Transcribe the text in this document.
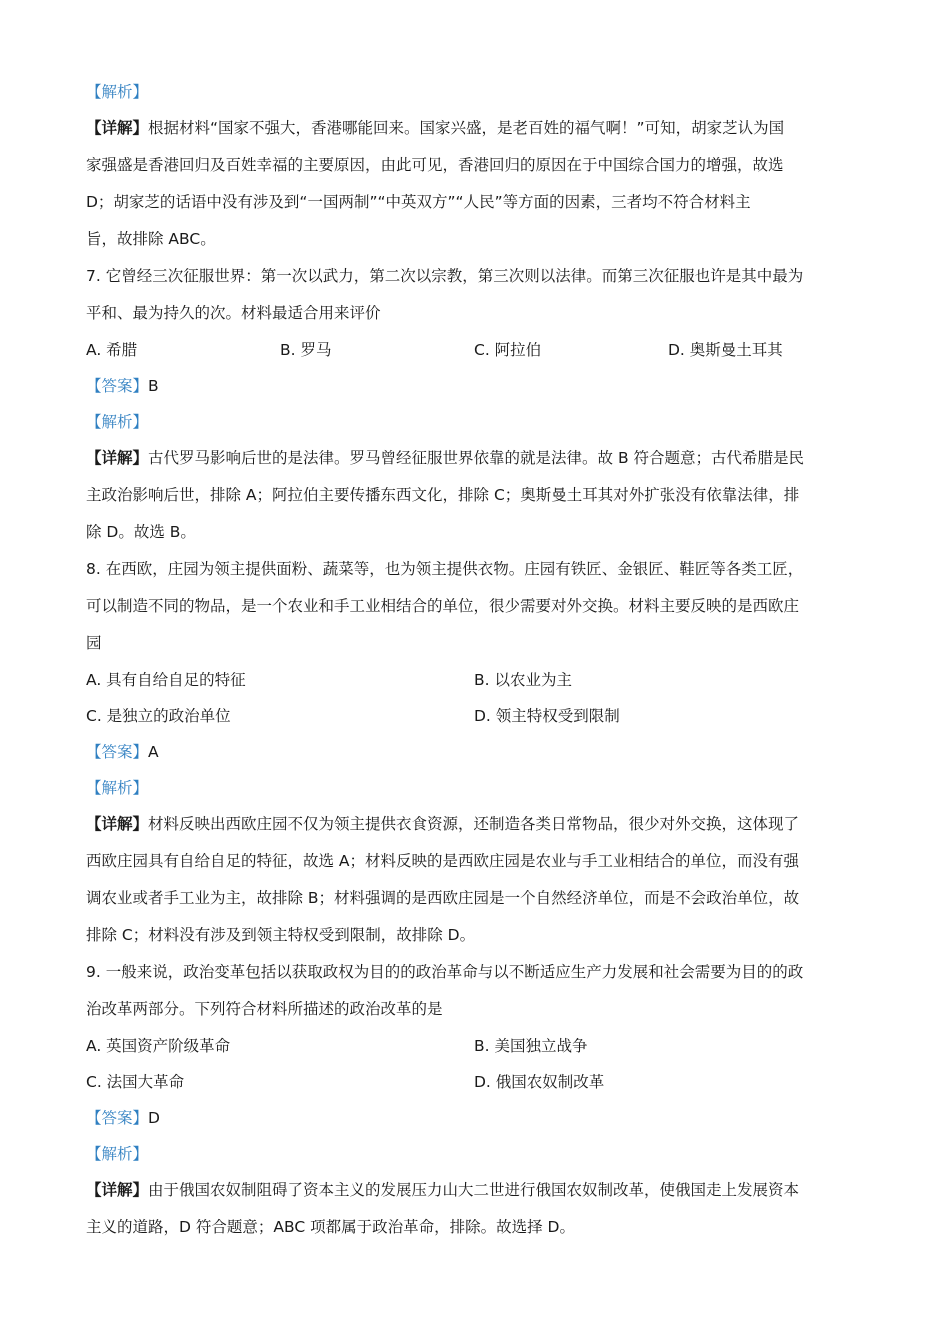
【解析】
【详解】根据材料“国家不强大，香港哪能回来。国家兴盛，是老百姓的福气啊！”可知，胡家芝认为国
家强盛是香港回归及百姓幸福的主要原因，由此可见，香港回归的原因在于中国综合国力的增强，故选
D；胡家芝的话语中没有涉及到“一国两制”“中英双方”“人民”等方面的因素，三者均不符合材料主
旨，故排除 ABC。
7. 它曾经三次征服世界：第一次以武力，第二次以宗教，第三次则以法律。而第三次征服也许是其中最为
平和、最为持久的次。材料最适合用来评价
A. 希腊	B. 罗马	C. 阿拉伯	D. 奥斯曼土耳其
【答案】B
【解析】
【详解】古代罗马影响后世的是法律。罗马曾经征服世界依靠的就是法律。故 B 符合题意；古代希腊是民
主政治影响后世，排除 A；阿拉伯主要传播东西文化，排除 C；奥斯曼土耳其对外扩张没有依靠法律，排
除 D。故选 B。
8. 在西欧，庄园为领主提供面粉、蔬菜等，也为领主提供衣物。庄园有铁匠、金银匠、鞋匠等各类工匠，
可以制造不同的物品，是一个农业和手工业相结合的单位，很少需要对外交换。材料主要反映的是西欧庄
园
A. 具有自给自足的特征	B. 以农业为主
C. 是独立的政治单位	D. 领主特权受到限制
【答案】A
【解析】
【详解】材料反映出西欧庄园不仅为领主提供衣食资源，还制造各类日常物品，很少对外交换，这体现了
西欧庄园具有自给自足的特征，故选 A；材料反映的是西欧庄园是农业与手工业相结合的单位，而没有强
调农业或者手工业为主，故排除 B；材料强调的是西欧庄园是一个自然经济单位，而是不会政治单位，故
排除 C；材料没有涉及到领主特权受到限制，故排除 D。
9. 一般来说，政治变革包括以获取政权为目的的政治革命与以不断适应生产力发展和社会需要为目的的政
治改革两部分。下列符合材料所描述的政治改革的是
A. 英国资产阶级革命	B. 美国独立战争
C. 法国大革命	D. 俄国农奴制改革
【答案】D
【解析】
【详解】由于俄国农奴制阻碍了资本主义的发展压力山大二世进行俄国农奴制改革，使俄国走上发展资本
主义的道路，D 符合题意；ABC 项都属于政治革命，排除。故选择 D。
